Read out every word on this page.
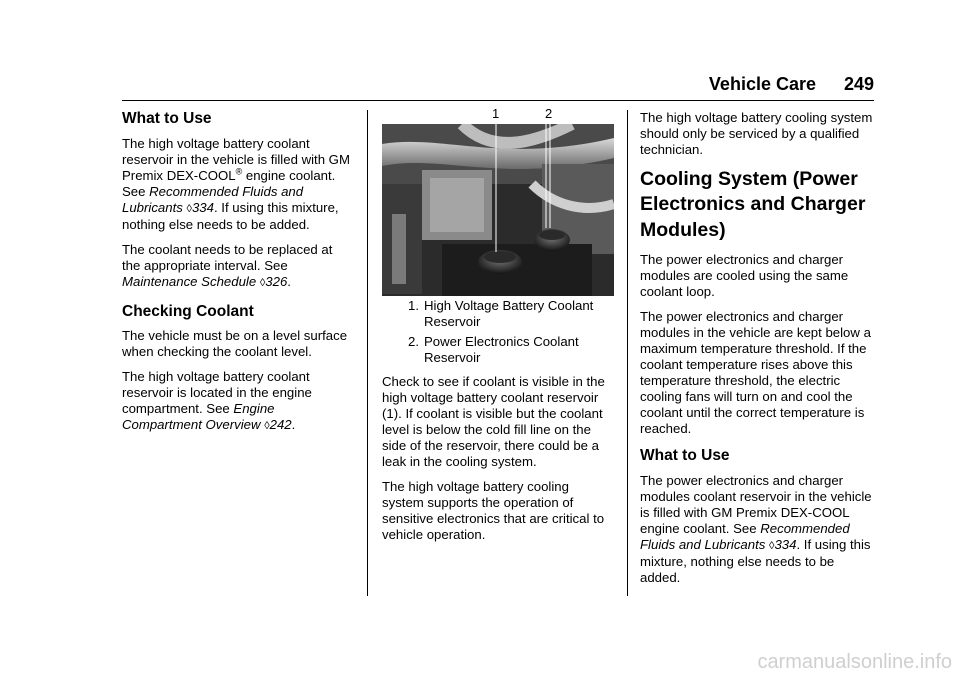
Vehicle Care 249
What to Use

The high voltage battery coolant reservoir in the vehicle is filled with GM Premix DEX-COOL® engine coolant. See Recommended Fluids and Lubricants ◊334. If using this mixture, nothing else needs to be added.

The coolant needs to be replaced at the appropriate interval. See Maintenance Schedule ◊326.

Checking Coolant

The vehicle must be on a level surface when checking the coolant level.

The high voltage battery coolant reservoir is located in the engine compartment. See Engine Compartment Overview ◊242.

1	2
1. High Voltage Battery Coolant Reservoir
2. Power Electronics Coolant Reservoir

Check to see if coolant is visible in the high voltage battery coolant reservoir (1). If coolant is visible but the coolant level is below the cold fill line on the side of the reservoir, there could be a leak in the cooling system.

The high voltage battery cooling system supports the operation of sensitive electronics that are critical to vehicle operation.

The high voltage battery cooling system should only be serviced by a qualified technician.

Cooling System (Power Electronics and Charger Modules)

The power electronics and charger modules are cooled using the same coolant loop.

The power electronics and charger modules in the vehicle are kept below a maximum temperature threshold. If the coolant temperature rises above this temperature threshold, the electric cooling fans will turn on and cool the coolant until the correct temperature is reached.

What to Use

The power electronics and charger modules coolant reservoir in the vehicle is filled with GM Premix DEX-COOL engine coolant. See Recommended Fluids and Lubricants ◊334. If using this mixture, nothing else needs to be added.

carmanualsonline.info
